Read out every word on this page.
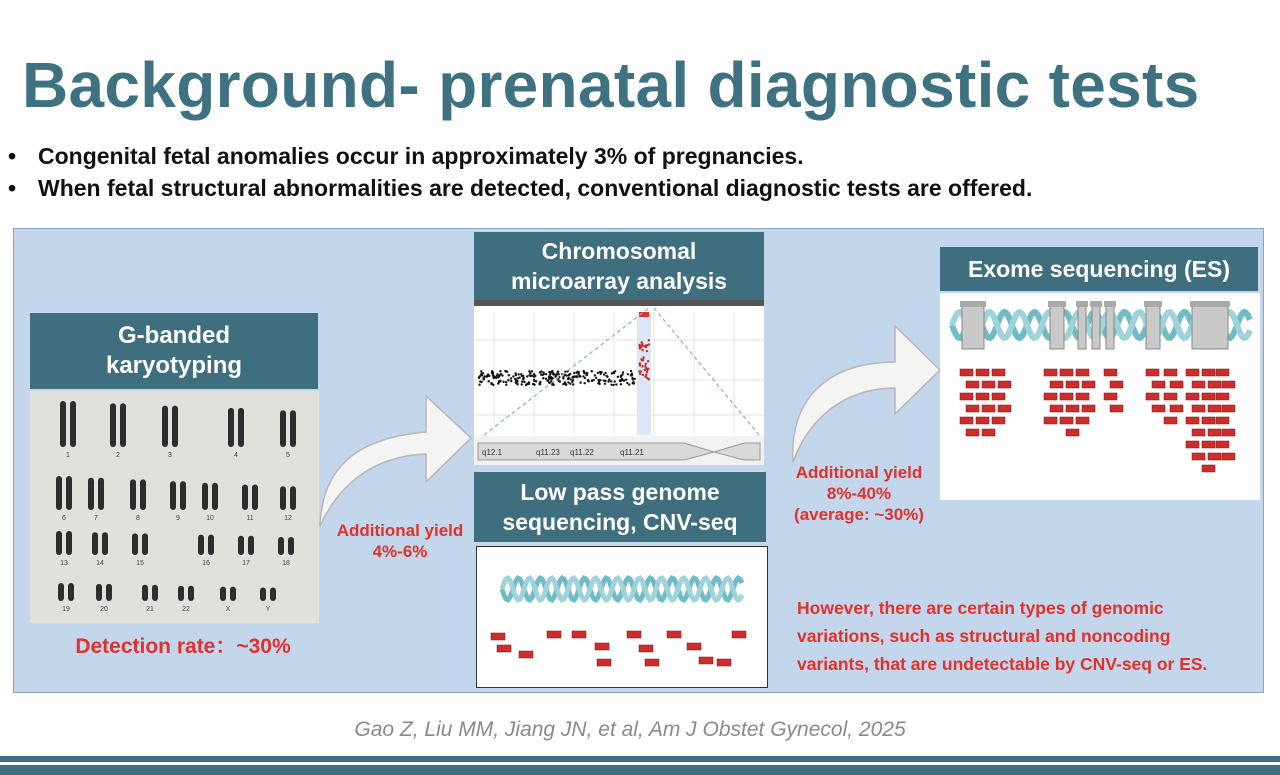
Background- prenatal diagnostic tests
• Congenital fetal anomalies occur in approximately 3% of pregnancies.
• When fetal structural abnormalities are detected, conventional diagnostic tests are offered.
G-banded karyotyping
1	2	3	4	5
6	7	8	9	10	11	12
13	14	15	16	17	18
19	20	21	22	X	Y
Detection rate：~30%
Additional yield
4%-6%
Chromosomal microarray analysis
q12.1	q11.23 q11.22	q11.21
Low pass genome sequencing, CNV-seq
Additional yield
8%-40%
(average: ~30%)
Exome sequencing (ES)
However, there are certain types of genomic
variations, such as structural and noncoding
variants, that are undetectable by CNV-seq or ES.
Gao Z, Liu MM, Jiang JN, et al, Am J Obstet Gynecol, 2025
